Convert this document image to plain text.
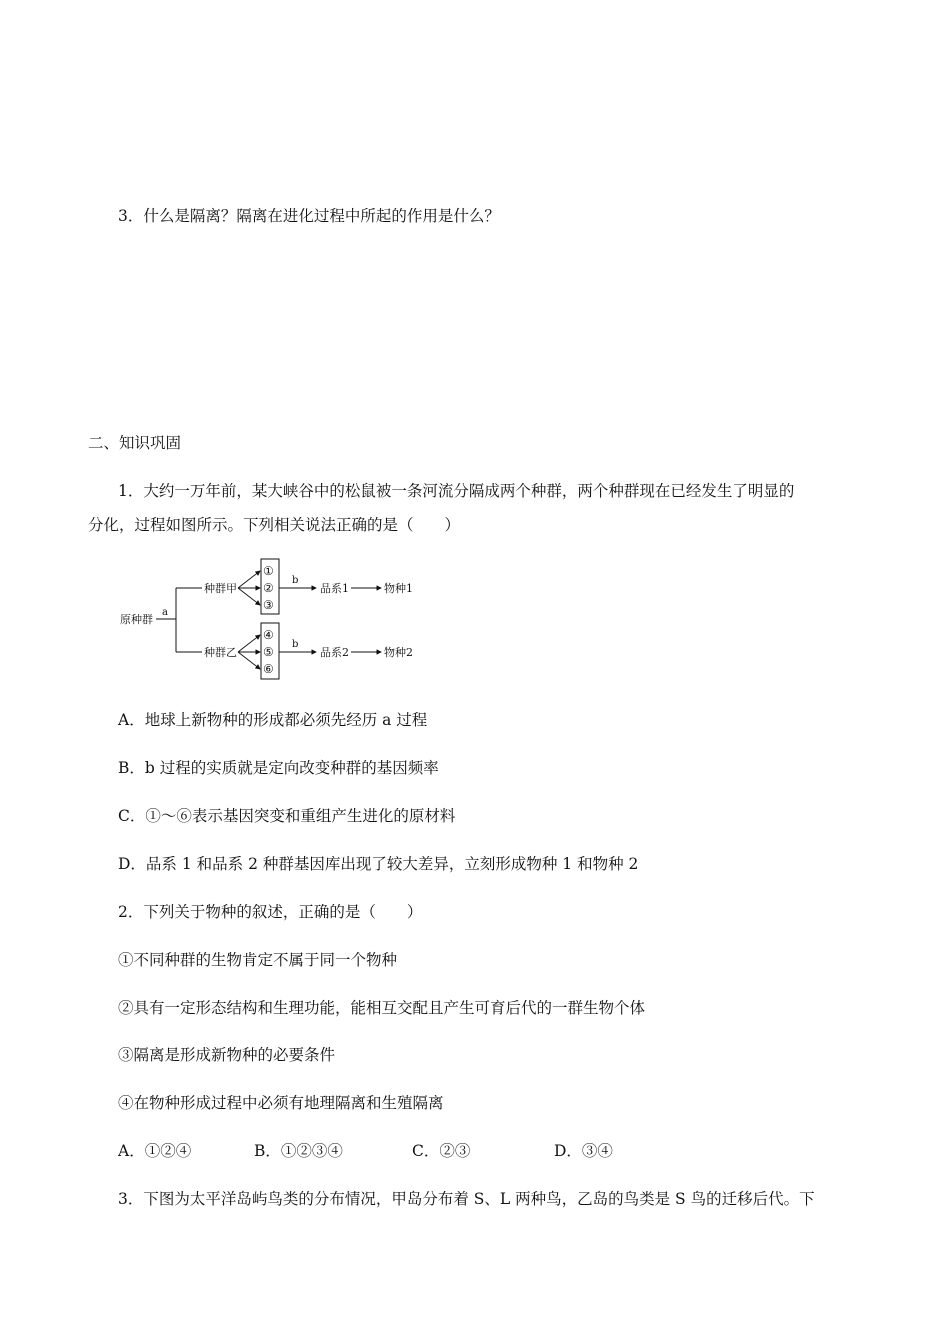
3．什么是隔离？隔离在进化过程中所起的作用是什么？
二、知识巩固
1．大约一万年前，某大峡谷中的松鼠被一条河流分隔成两个种群，两个种群现在已经发生了明显的
分化，过程如图所示。下列相关说法正确的是（　　）
原种群
a
种群甲
种群乙
①
②
③
④
⑤
⑥
b
b
品系1
品系2
物种1
物种2
A．地球上新物种的形成都必须先经历 a 过程
B．b 过程的实质就是定向改变种群的基因频率
C．①～⑥表示基因突变和重组产生进化的原材料
D．品系 1 和品系 2 种群基因库出现了较大差异，立刻形成物种 1 和物种 2
2．下列关于物种的叙述，正确的是（　　）
①不同种群的生物肯定不属于同一个物种
②具有一定形态结构和生理功能，能相互交配且产生可育后代的一群生物个体
③隔离是形成新物种的必要条件
④在物种形成过程中必须有地理隔离和生殖隔离
A．①②④	B．①②③④	C．②③	D．③④
3．下图为太平洋岛屿鸟类的分布情况，甲岛分布着 S、L 两种鸟，乙岛的鸟类是 S 鸟的迁移后代。下
